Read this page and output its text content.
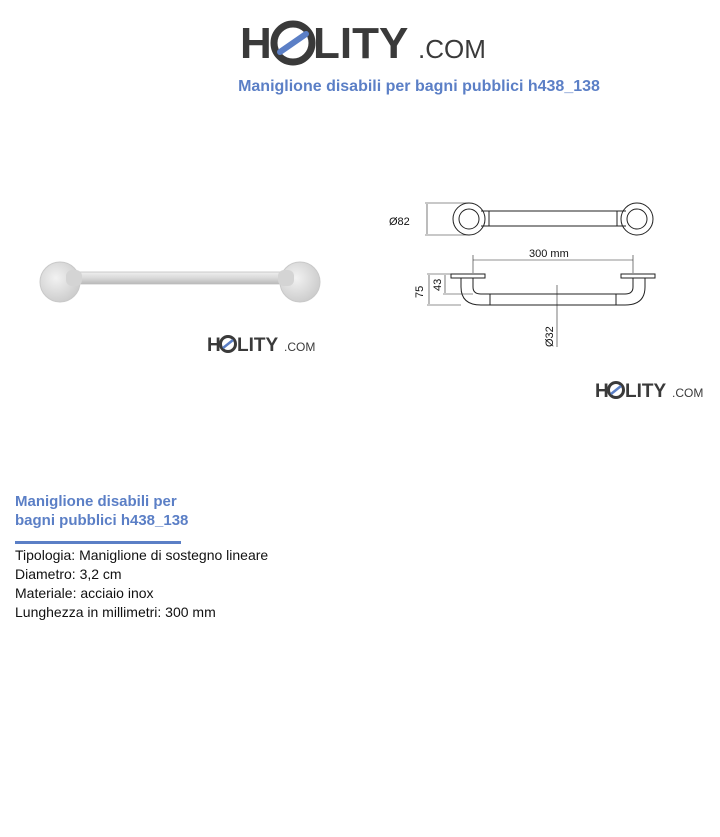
H LITY .COM
Maniglione disabili per bagni pubblici h438_138
H LITY .COM
Ø82
300 mm
75
43
Ø32
H LITY .COM
Maniglione disabili per
bagni pubblici h438_138
Tipologia: Maniglione di sostegno lineare
Diametro: 3,2 cm
Materiale: acciaio inox
Lunghezza in millimetri: 300 mm
